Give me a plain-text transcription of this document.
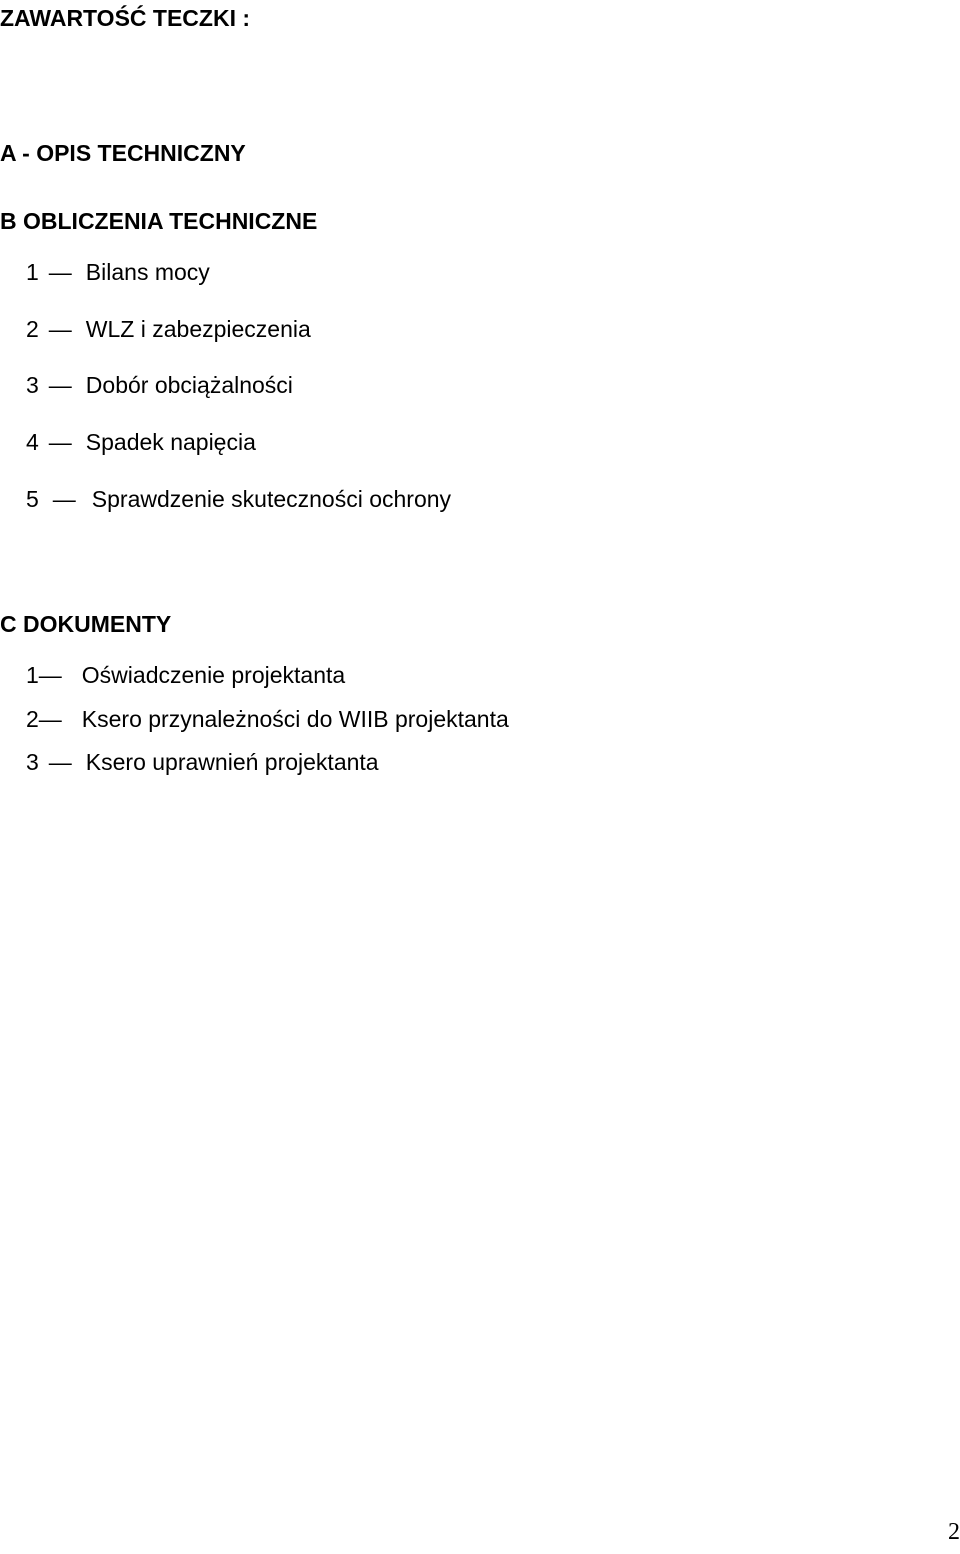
ZAWARTOŚĆ TECZKI :
A - OPIS TECHNICZNY
B OBLICZENIA TECHNICZNE
1 — Bilans mocy
2 — WLZ i zabezpieczenia
3 — Dobór obciążalności
4 — Spadek napięcia
5 — Sprawdzenie skuteczności ochrony
C DOKUMENTY
1— Oświadczenie projektanta
2— Ksero przynależności do WIIB projektanta
3 — Ksero uprawnień projektanta
2
